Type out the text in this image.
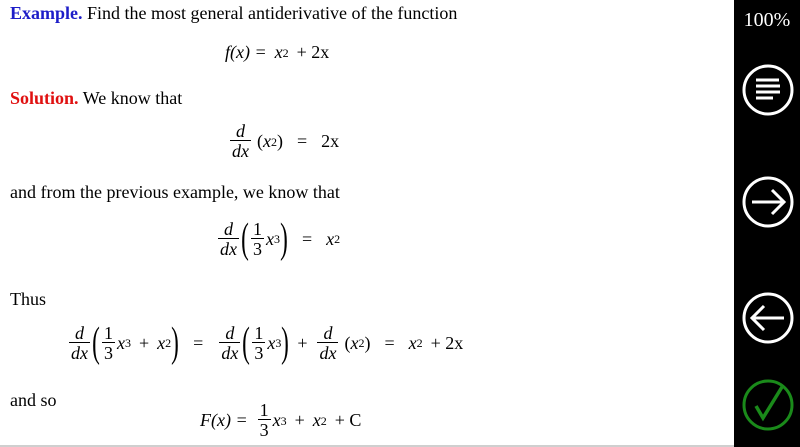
Example. Find the most general antiderivative of the function
f(x) = x 2 + 2x
Solution. We know that
$\frac{d}{dx}$ ( x 2 ) = 2x
and from the previous example, we know that
$\frac{d}{dx}$ ( $\frac{1}{3}$ x 3 ) = x 2
Thus
$\frac{d}{dx}$ ( $\frac{1}{3}$ x 3 + x 2 ) = $\frac{d}{dx}$ ( $\frac{1}{3}$ x 3 ) + $\frac{d}{dx}$ ( x 2 ) = x 2 + 2x
and so
$F(x) = \frac{1}{3}$ x 3 + x 2 + C
100%
